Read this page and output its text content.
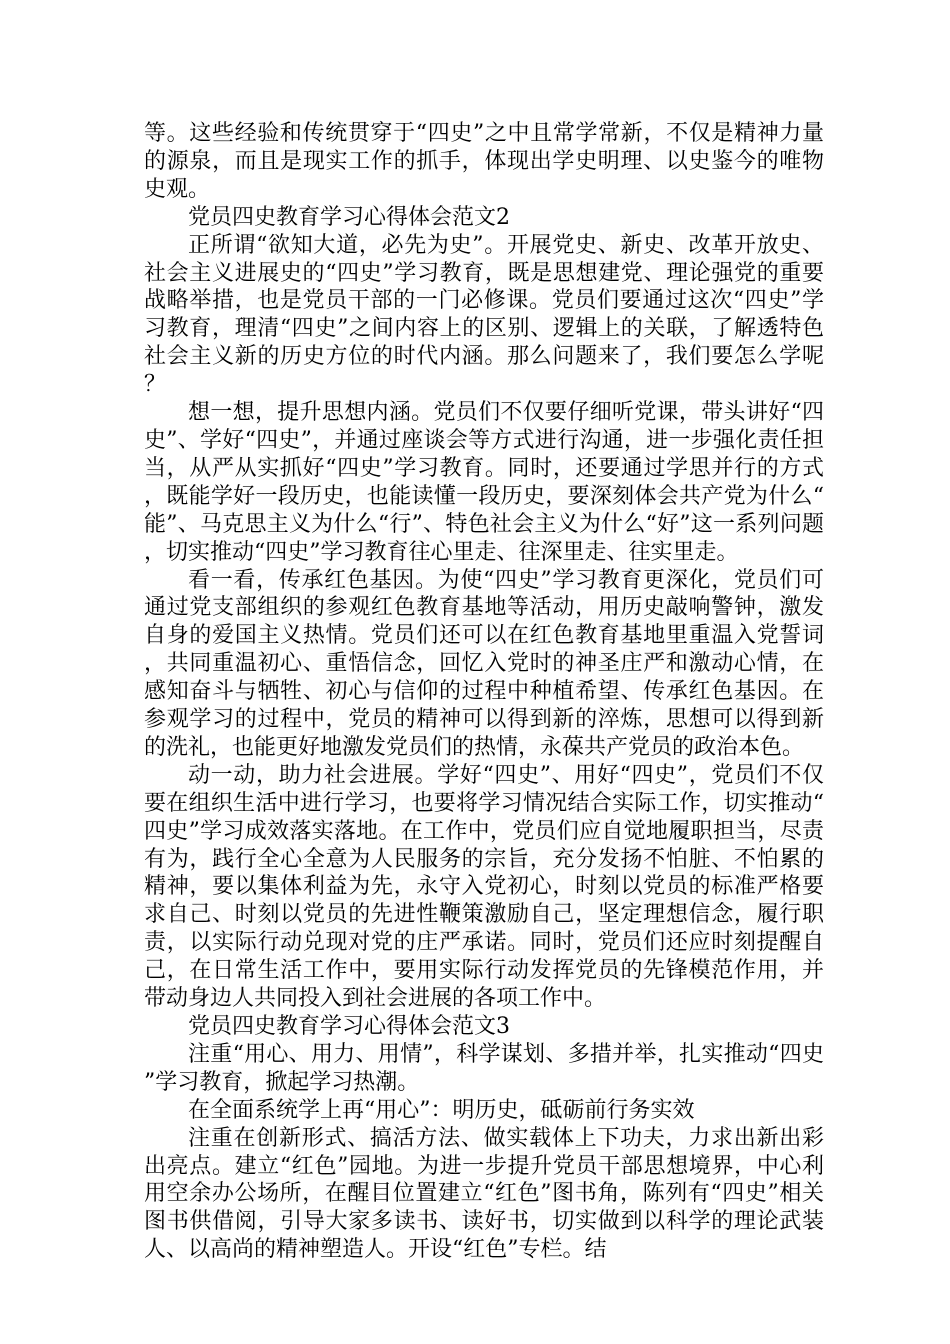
等。这些经验和传统贯穿于“四史”之中且常学常新，不仅是精神力量的源泉，而且是现实工作的抓手，体现出学史明理、以史鉴今的唯物史观。

党员四史教育学习心得体会范文2

正所谓“欲知大道，必先为史”。开展党史、新史、改革开放史、社会主义进展史的“四史”学习教育，既是思想建党、理论强党的重要战略举措，也是党员干部的一门必修课。党员们要通过这次“四史”学习教育，理清“四史”之间内容上的区别、逻辑上的关联，了解透特色社会主义新的历史方位的时代内涵。那么问题来了，我们要怎么学呢？

想一想，提升思想内涵。党员们不仅要仔细听党课，带头讲好“四史”、学好“四史”，并通过座谈会等方式进行沟通，进一步强化责任担当，从严从实抓好“四史”学习教育。同时，还要通过学思并行的方式，既能学好一段历史，也能读懂一段历史，要深刻体会共产党为什么“能”、马克思主义为什么“行”、特色社会主义为什么“好”这一系列问题，切实推动“四史”学习教育往心里走、往深里走、往实里走。

看一看，传承红色基因。为使“四史”学习教育更深化，党员们可通过党支部组织的参观红色教育基地等活动，用历史敲响警钟，激发自身的爱国主义热情。党员们还可以在红色教育基地里重温入党誓词，共同重温初心、重悟信念，回忆入党时的神圣庄严和激动心情，在感知奋斗与牺牲、初心与信仰的过程中种植希望、传承红色基因。在参观学习的过程中，党员的精神可以得到新的淬炼，思想可以得到新的洗礼，也能更好地激发党员们的热情，永葆共产党员的政治本色。

动一动，助力社会进展。学好“四史”、用好“四史”，党员们不仅要在组织生活中进行学习，也要将学习情况结合实际工作，切实推动“四史”学习成效落实落地。在工作中，党员们应自觉地履职担当，尽责有为，践行全心全意为人民服务的宗旨，充分发扬不怕脏、不怕累的精神，要以集体利益为先，永守入党初心，时刻以党员的标准严格要求自己、时刻以党员的先进性鞭策激励自己，坚定理想信念，履行职责，以实际行动兑现对党的庄严承诺。同时，党员们还应时刻提醒自己，在日常生活工作中，要用实际行动发挥党员的先锋模范作用，并带动身边人共同投入到社会进展的各项工作中。

党员四史教育学习心得体会范文3

注重“用心、用力、用情”，科学谋划、多措并举，扎实推动“四史”学习教育，掀起学习热潮。

在全面系统学上再“用心”：明历史，砥砺前行务实效

注重在创新形式、搞活方法、做实载体上下功夫，力求出新出彩出亮点。建立“红色”园地。为进一步提升党员干部思想境界，中心利用空余办公场所，在醒目位置建立“红色”图书角，陈列有“四史”相关图书供借阅，引导大家多读书、读好书，切实做到以科学的理论武装人、以高尚的精神塑造人。开设“红色”专栏。结
